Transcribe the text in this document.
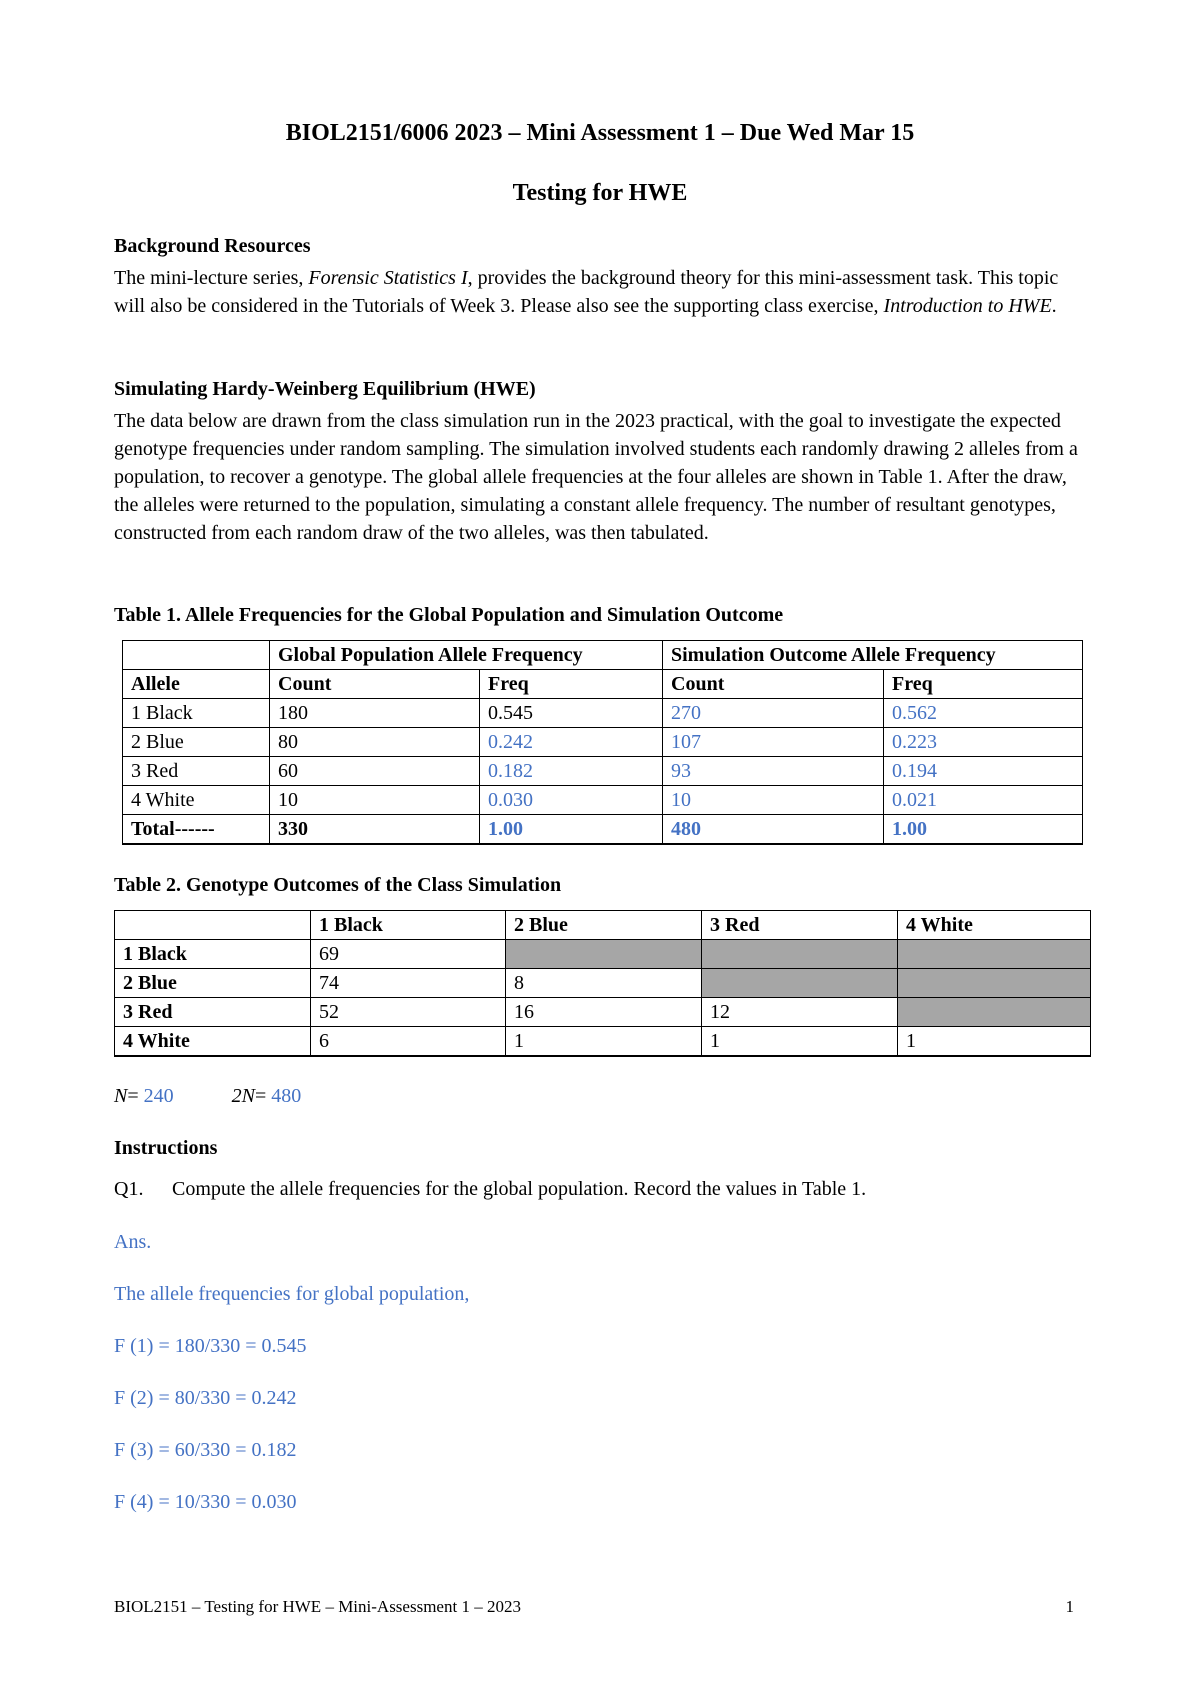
BIOL2151/6006 2023 – Mini Assessment 1 – Due Wed Mar 15
Testing for HWE
Background Resources
The mini-lecture series, Forensic Statistics I, provides the background theory for this mini-assessment task. This topic will also be considered in the Tutorials of Week 3. Please also see the supporting class exercise, Introduction to HWE.
Simulating Hardy-Weinberg Equilibrium (HWE)
The data below are drawn from the class simulation run in the 2023 practical, with the goal to investigate the expected genotype frequencies under random sampling. The simulation involved students each randomly drawing 2 alleles from a population, to recover a genotype. The global allele frequencies at the four alleles are shown in Table 1. After the draw, the alleles were returned to the population, simulating a constant allele frequency. The number of resultant genotypes, constructed from each random draw of the two alleles, was then tabulated.
Table 1. Allele Frequencies for the Global Population and Simulation Outcome
	Global Population Allele Frequency		Simulation Outcome Allele Frequency	
Allele	Count	Freq	Count	Freq
1 Black	180	0.545	270	0.562
2 Blue	80	0.242	107	0.223
3 Red	60	0.182	93	0.194
4 White	10	0.030	10	0.021
Total------	330	1.00	480	1.00
Table 2. Genotype Outcomes of the Class Simulation
	1 Black	2 Blue	3 Red	4 White
1 Black	69			
2 Blue	74	8		
3 Red	52	16	12	
4 White	6	1	1	1
N= 240	2N= 480
Instructions
Q1. Compute the allele frequencies for the global population. Record the values in Table 1.
Ans.
The allele frequencies for global population,
F (1) = 180/330 = 0.545
F (2) = 80/330 = 0.242
F (3) = 60/330 = 0.182
F (4) = 10/330 = 0.030
BIOL2151 – Testing for HWE – Mini-Assessment 1 – 2023	1
